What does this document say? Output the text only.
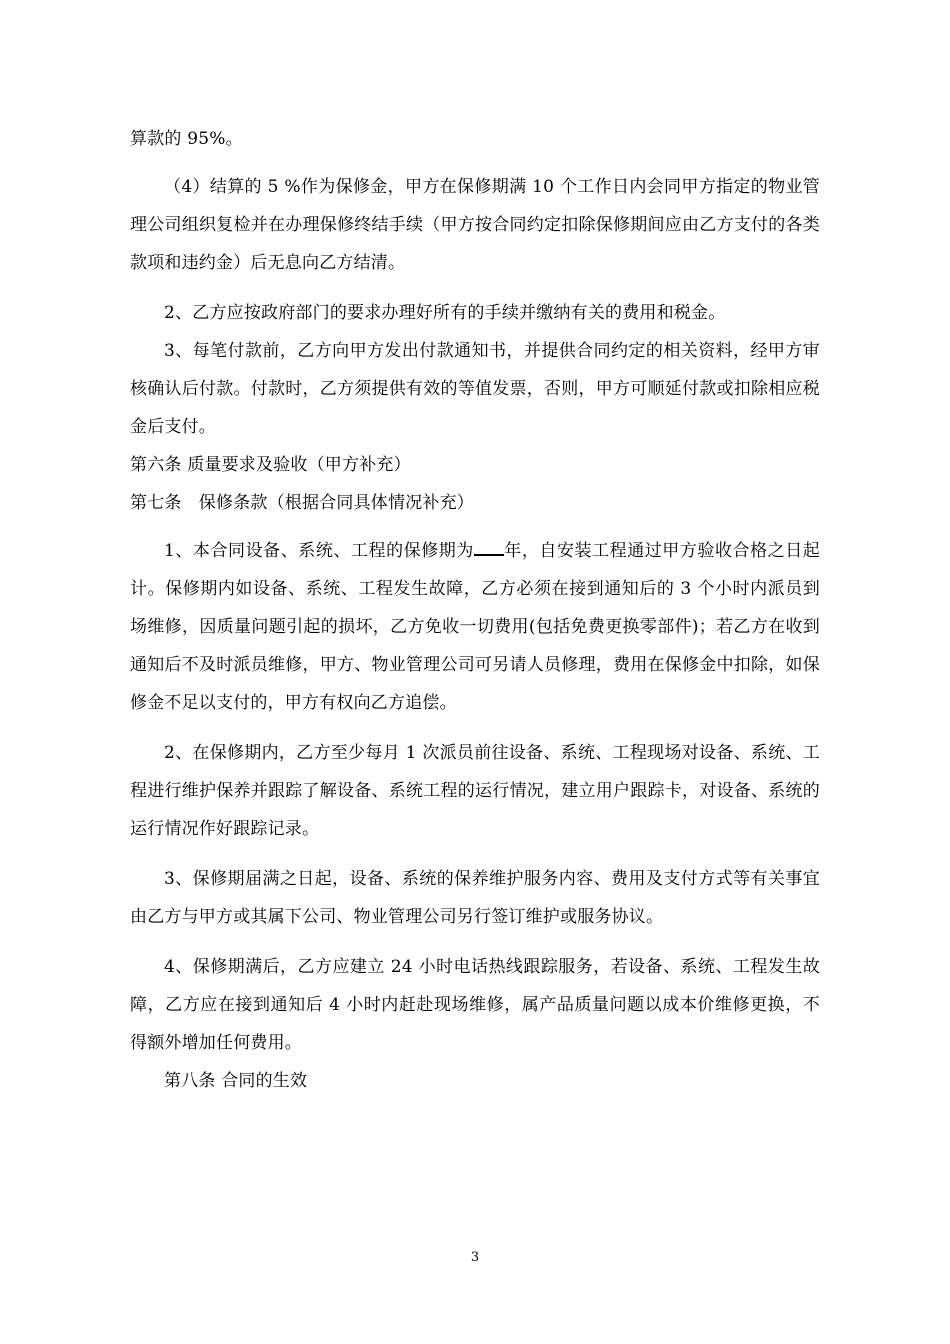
算款的 95%。

（4）结算的 5 %作为保修金，甲方在保修期满 10 个工作日内会同甲方指定的物业管理公司组织复检并在办理保修终结手续（甲方按合同约定扣除保修期间应由乙方支付的各类款项和违约金）后无息向乙方结清。

2、乙方应按政府部门的要求办理好所有的手续并缴纳有关的费用和税金。

3、每笔付款前，乙方向甲方发出付款通知书，并提供合同约定的相关资料，经甲方审核确认后付款。付款时，乙方须提供有效的等值发票，否则，甲方可顺延付款或扣除相应税金后支付。

第六条 质量要求及验收（甲方补充）

第七条　保修条款（根据合同具体情况补充）

1、本合同设备、系统、工程的保修期为 年，自安装工程通过甲方验收合格之日起计。保修期内如设备、系统、工程发生故障，乙方必须在接到通知后的 3 个小时内派员到场维修，因质量问题引起的损坏，乙方免收一切费用(包括免费更换零部件)；若乙方在收到通知后不及时派员维修，甲方、物业管理公司可另请人员修理，费用在保修金中扣除，如保修金不足以支付的，甲方有权向乙方追偿。

2、在保修期内，乙方至少每月 1 次派员前往设备、系统、工程现场对设备、系统、工程进行维护保养并跟踪了解设备、系统工程的运行情况，建立用户跟踪卡，对设备、系统的运行情况作好跟踪记录。

3、保修期届满之日起，设备、系统的保养维护服务内容、费用及支付方式等有关事宜由乙方与甲方或其属下公司、物业管理公司另行签订维护或服务协议。

4、保修期满后，乙方应建立 24 小时电话热线跟踪服务，若设备、系统、工程发生故障，乙方应在接到通知后 4 小时内赶赴现场维修，属产品质量问题以成本价维修更换，不得额外增加任何费用。

第八条 合同的生效

3
